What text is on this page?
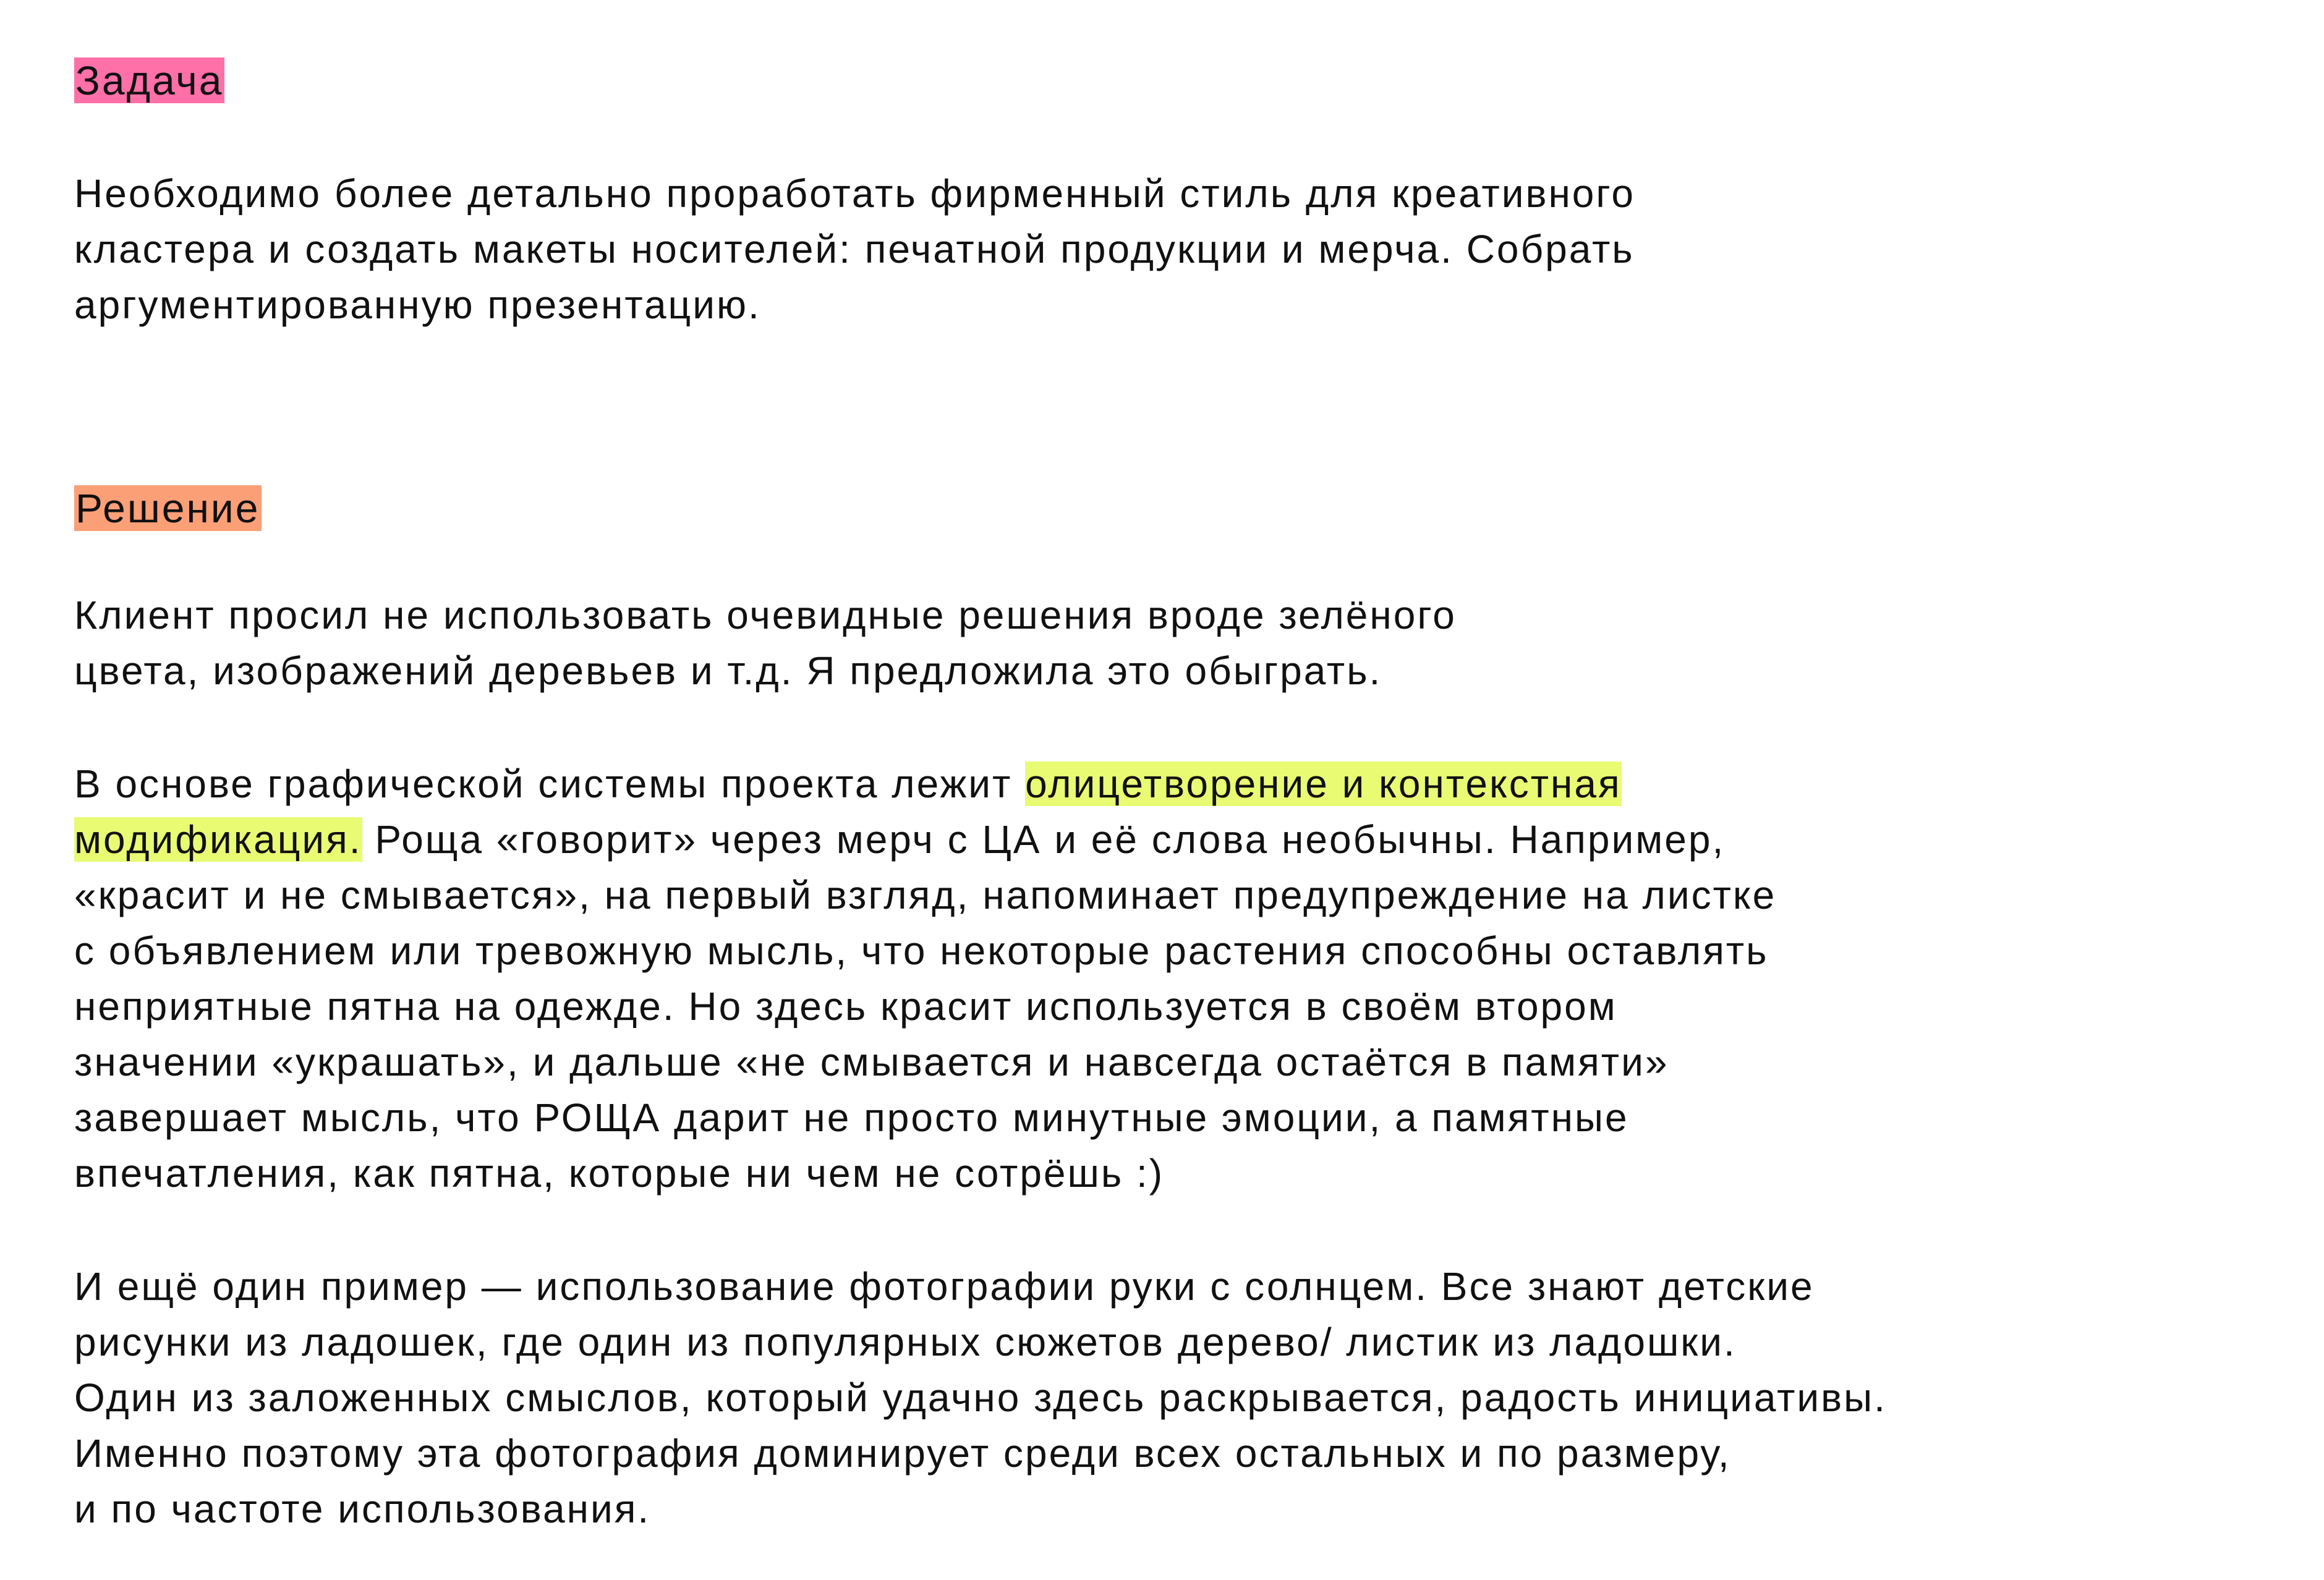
Задача
Необходимо более детально проработать фирменный стиль для креативного
кластера и создать макеты носителей: печатной продукции и мерча. Собрать
аргументированную презентацию.
Решение
Клиент просил не использовать очевидные решения вроде зелёного
цвета, изображений деревьев и т.д. Я предложила это обыграть.
В основе графической системы проекта лежит олицетворение и контекстная
модификация. Роща «говорит» через мерч с ЦА и её слова необычны. Например,
«красит и не смывается», на первый взгляд, напоминает предупреждение на листке
с объявлением или тревожную мысль, что некоторые растения способны оставлять
неприятные пятна на одежде. Но здесь красит используется в своём втором
значении «украшать», и дальше «не смывается и навсегда остаётся в памяти»
завершает мысль, что РОЩА дарит не просто минутные эмоции, а памятные
впечатления, как пятна, которые ни чем не сотрёшь :)
И ещё один пример — использование фотографии руки с солнцем. Все знают детские
рисунки из ладошек, где один из популярных сюжетов дерево/ листик из ладошки.
Один из заложенных смыслов, который удачно здесь раскрывается, радость инициативы.
Именно поэтому эта фотография доминирует среди всех остальных и по размеру,
и по частоте использования.
